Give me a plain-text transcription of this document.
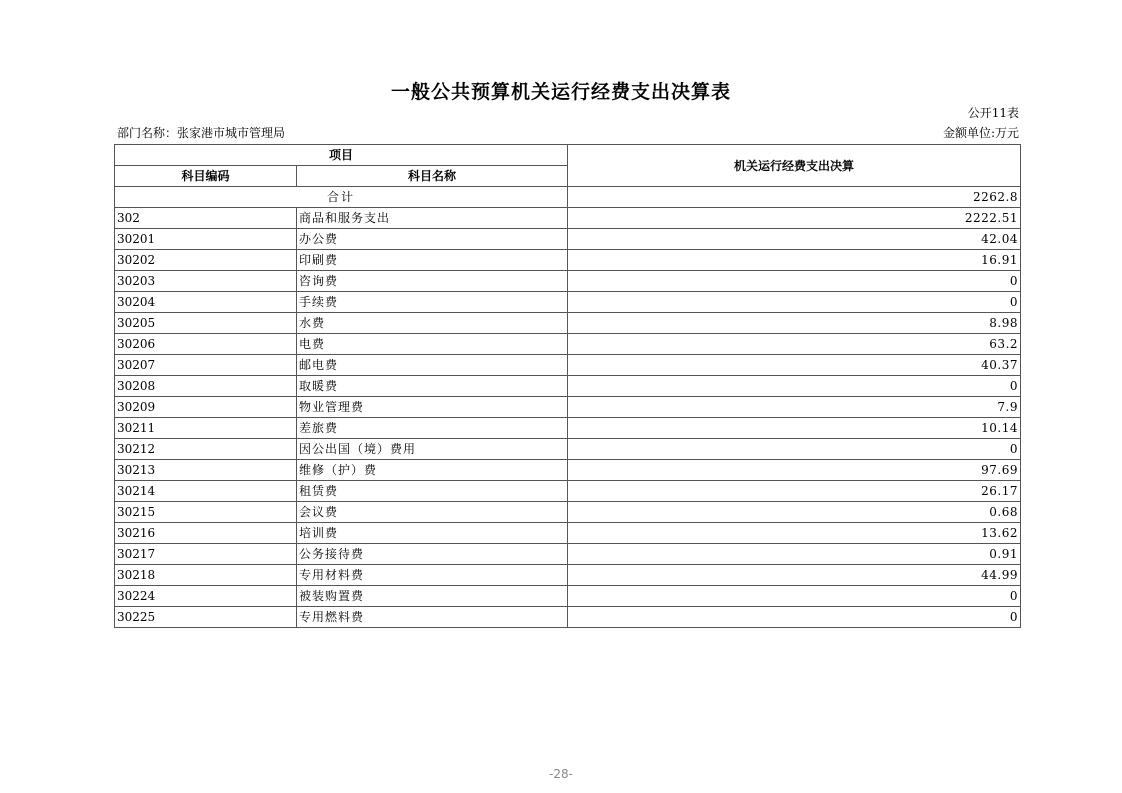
一般公共预算机关运行经费支出决算表
公开11表
部门名称：张家港市城市管理局	金额单位:万元
项目		机关运行经费支出决算
科目编码	科目名称	
合计		2262.8
302	商品和服务支出	2222.51
30201	办公费	42.04
30202	印刷费	16.91
30203	咨询费	0
30204	手续费	0
30205	水费	8.98
30206	电费	63.2
30207	邮电费	40.37
30208	取暖费	0
30209	物业管理费	7.9
30211	差旅费	10.14
30212	因公出国（境）费用	0
30213	维修（护）费	97.69
30214	租赁费	26.17
30215	会议费	0.68
30216	培训费	13.62
30217	公务接待费	0.91
30218	专用材料费	44.99
30224	被装购置费	0
30225	专用燃料费	0
-28-
